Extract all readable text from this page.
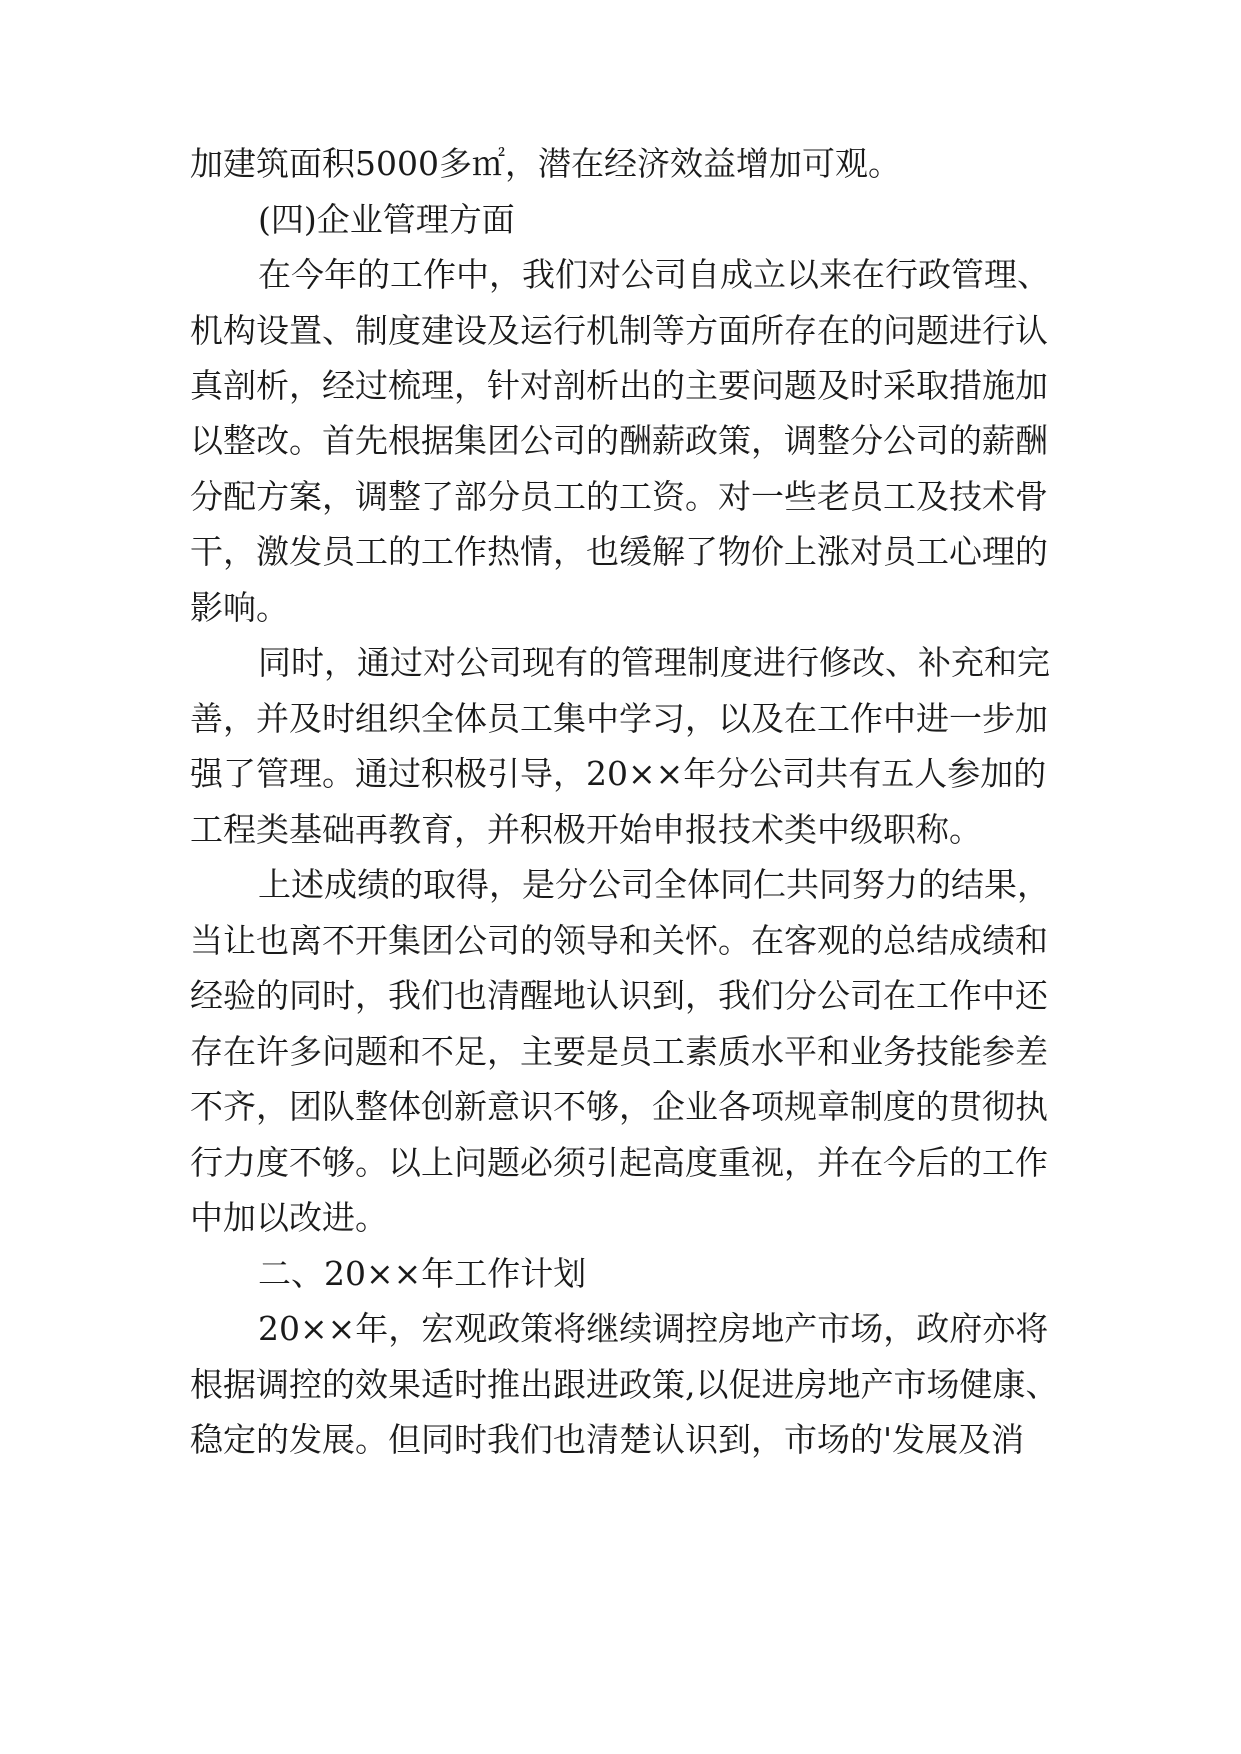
加建筑面积5000多㎡，潜在经济效益增加可观。

(四)企业管理方面

在今年的工作中，我们对公司自成立以来在行政管理、

机构设置、制度建设及运行机制等方面所存在的问题进行认

真剖析，经过梳理，针对剖析出的主要问题及时采取措施加

以整改。首先根据集团公司的酬薪政策，调整分公司的薪酬

分配方案，调整了部分员工的工资。对一些老员工及技术骨

干，激发员工的工作热情，也缓解了物价上涨对员工心理的

影响。

同时，通过对公司现有的管理制度进行修改、补充和完

善，并及时组织全体员工集中学习，以及在工作中进一步加

强了管理。通过积极引导，20××年分公司共有五人参加的

工程类基础再教育，并积极开始申报技术类中级职称。

上述成绩的取得，是分公司全体同仁共同努力的结果，

当让也离不开集团公司的领导和关怀。在客观的总结成绩和

经验的同时，我们也清醒地认识到，我们分公司在工作中还

存在许多问题和不足，主要是员工素质水平和业务技能参差

不齐，团队整体创新意识不够，企业各项规章制度的贯彻执

行力度不够。以上问题必须引起高度重视，并在今后的工作

中加以改进。

二、20××年工作计划

20××年，宏观政策将继续调控房地产市场，政府亦将

根据调控的效果适时推出跟进政策,以促进房地产市场健康、

稳定的发展。但同时我们也清楚认识到，市场的'发展及消
